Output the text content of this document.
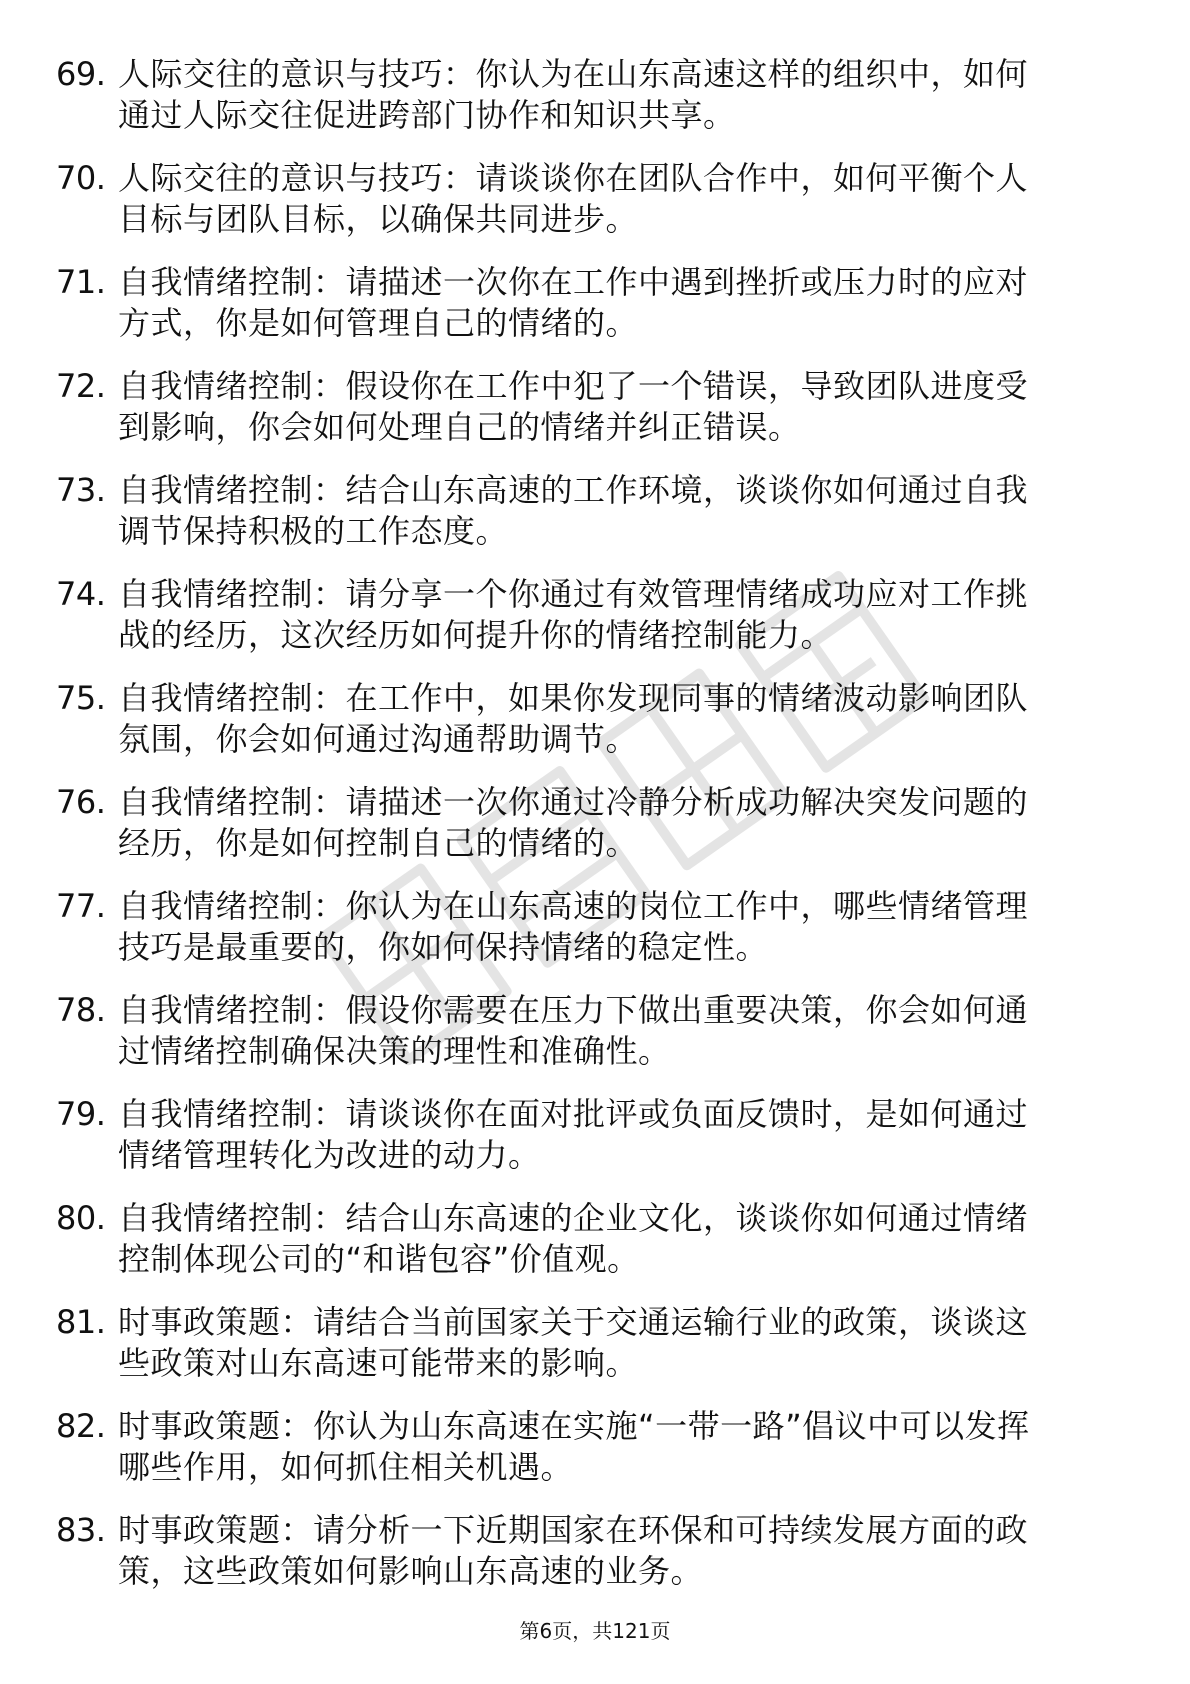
69. 人际交往的意识与技巧：你认为在山东高速这样的组织中，如何通过人际交往促进跨部门协作和知识共享。
70. 人际交往的意识与技巧：请谈谈你在团队合作中，如何平衡个人目标与团队目标，以确保共同进步。
71. 自我情绪控制：请描述一次你在工作中遇到挫折或压力时的应对方式，你是如何管理自己的情绪的。
72. 自我情绪控制：假设你在工作中犯了一个错误，导致团队进度受到影响，你会如何处理自己的情绪并纠正错误。
73. 自我情绪控制：结合山东高速的工作环境，谈谈你如何通过自我调节保持积极的工作态度。
74. 自我情绪控制：请分享一个你通过有效管理情绪成功应对工作挑战的经历，这次经历如何提升你的情绪控制能力。
75. 自我情绪控制：在工作中，如果你发现同事的情绪波动影响团队氛围，你会如何通过沟通帮助调节。
76. 自我情绪控制：请描述一次你通过冷静分析成功解决突发问题的经历，你是如何控制自己的情绪的。
77. 自我情绪控制：你认为在山东高速的岗位工作中，哪些情绪管理技巧是最重要的，你如何保持情绪的稳定性。
78. 自我情绪控制：假设你需要在压力下做出重要决策，你会如何通过情绪控制确保决策的理性和准确性。
79. 自我情绪控制：请谈谈你在面对批评或负面反馈时，是如何通过情绪管理转化为改进的动力。
80. 自我情绪控制：结合山东高速的企业文化，谈谈你如何通过情绪控制体现公司的“和谐包容”价值观。
81. 时事政策题：请结合当前国家关于交通运输行业的政策，谈谈这些政策对山东高速可能带来的影响。
82. 时事政策题：你认为山东高速在实施“一带一路”倡议中可以发挥哪些作用，如何抓住相关机遇。
83. 时事政策题：请分析一下近期国家在环保和可持续发展方面的政策，这些政策如何影响山东高速的业务。
第6页，共121页
